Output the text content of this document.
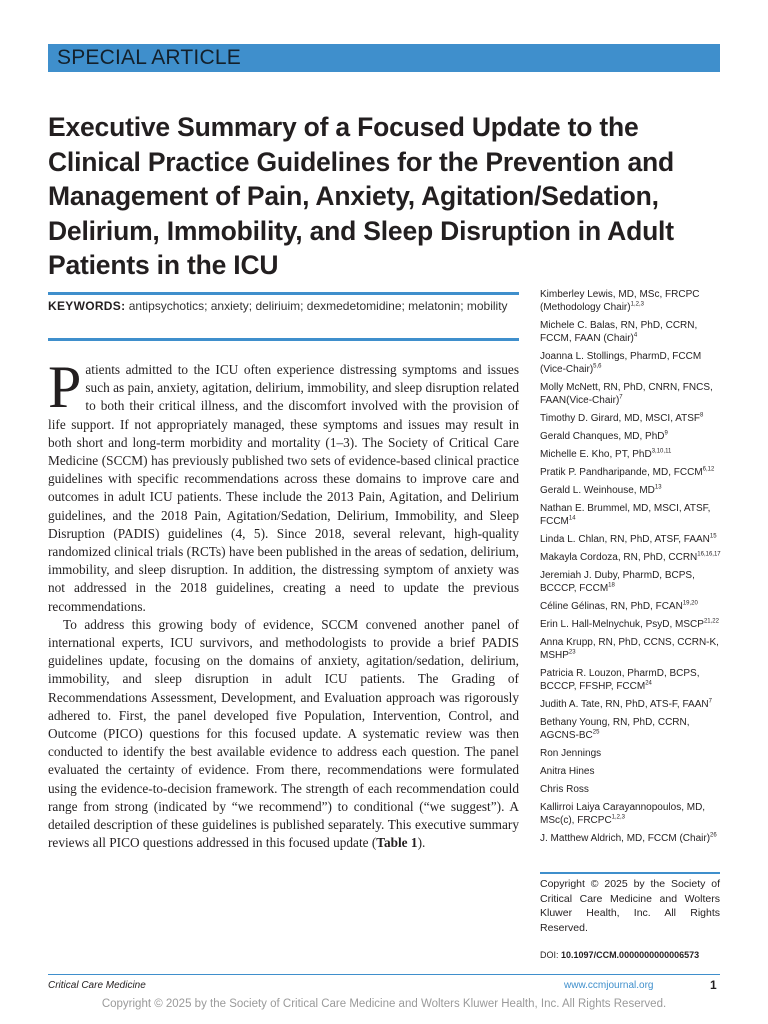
SPECIAL ARTICLE
Executive Summary of a Focused Update to the Clinical Practice Guidelines for the Prevention and Management of Pain, Anxiety, Agitation/Sedation, Delirium, Immobility, and Sleep Disruption in Adult Patients in the ICU
KEYWORDS: antipsychotics; anxiety; deliriuim; dexmedetomidine; melatonin; mobility

Patients admitted to the ICU often experience distressing symptoms and issues such as pain, anxiety, agitation, delirium, immobility, and sleep disruption related to both their critical illness, and the discomfort involved with the provision of life support. If not appropriately managed, these symptoms and issues may result in both short and long-term morbidity and mortality (1–3). The Society of Critical Care Medicine (SCCM) has previously published two sets of evidence-based clinical practice guidelines with specific recommendations across these domains to improve care and outcomes in adult ICU patients. These include the 2013 Pain, Agitation, and Delirium guidelines, and the 2018 Pain, Agitation/Sedation, Delirium, Immobility, and Sleep Disruption (PADIS) guidelines (4, 5). Since 2018, several relevant, high-quality randomized clinical trials (RCTs) have been published in the areas of sedation, delirium, immobility, and sleep disruption. In addition, the distressing symptom of anxiety was not addressed in the 2018 guidelines, creating a need to update the previous recommendations.

To address this growing body of evidence, SCCM convened another panel of international experts, ICU survivors, and methodologists to provide a brief PADIS guidelines update, focusing on the domains of anxiety, agitation/sedation, delirium, immobility, and sleep disruption in adult ICU patients. The Grading of Recommendations Assessment, Development, and Evaluation approach was rigorously adhered to. First, the panel developed five Population, Intervention, Control, and Outcome (PICO) questions for this focused update. A systematic review was then conducted to identify the best available evidence to address each question. The panel evaluated the certainty of evidence. From there, recommendations were formulated using the evidence-to-decision framework. The strength of each recommendation could range from strong (indicated by “we recommend”) to conditional (“we suggest”). A detailed description of these guidelines is published separately. This executive summary reviews all PICO questions addressed in this focused update (Table 1).

Kimberley Lewis, MD, MSc, FRCPC (Methodology Chair)$^{1,2,3}$
Michele C. Balas, RN, PhD, CCRN, FCCM, FAAN (Chair)$^4$
Joanna L. Stollings, PharmD, FCCM (Vice-Chair)$^{5,6}$
Molly McNett, RN, PhD, CNRN, FNCS, FAAN(Vice-Chair)$^7$
Timothy D. Girard, MD, MSCI, ATSF$^8$
Gerald Chanques, MD, PhD$^9$
Michelle E. Kho, PT, PhD$^{3,10,11}$
Pratik P. Pandharipande, MD, FCCM$^{6,12}$
Gerald L. Weinhouse, MD$^{13}$
Nathan E. Brummel, MD, MSCI, ATSF, FCCM$^{14}$
Linda L. Chlan, RN, PhD, ATSF, FAAN$^{15}$
Makayla Cordoza, RN, PhD, CCRN$^{16,16,17}$
Jeremiah J. Duby, PharmD, BCPS, BCCCP, FCCM$^{18}$
Céline Gélinas, RN, PhD, FCAN$^{19,20}$
Erin L. Hall-Melnychuk, PsyD, MSCP$^{21,22}$
Anna Krupp, RN, PhD, CCNS, CCRN-K, MSHP$^{23}$
Patricia R. Louzon, PharmD, BCPS, BCCCP, FFSHP, FCCM$^{24}$
Judith A. Tate, RN, PhD, ATS-F, FAAN$^7$
Bethany Young, RN, PhD, CCRN, AGCNS-BC$^{25}$
Ron Jennings
Anitra Hines
Chris Ross
Kallirroi Laiya Carayannopoulos, MD, MSc(c), FRCPC$^{1,2,3}$
J. Matthew Aldrich, MD, FCCM (Chair)$^{26}$
Copyright © 2025 by the Society of Critical Care Medicine and Wolters Kluwer Health, Inc. All Rights Reserved.
DOI: 10.1097/CCM.0000000000006573
Critical Care Medicine	www.ccmjournal.org	1
Copyright © 2025 by the Society of Critical Care Medicine and Wolters Kluwer Health, Inc. All Rights Reserved.
